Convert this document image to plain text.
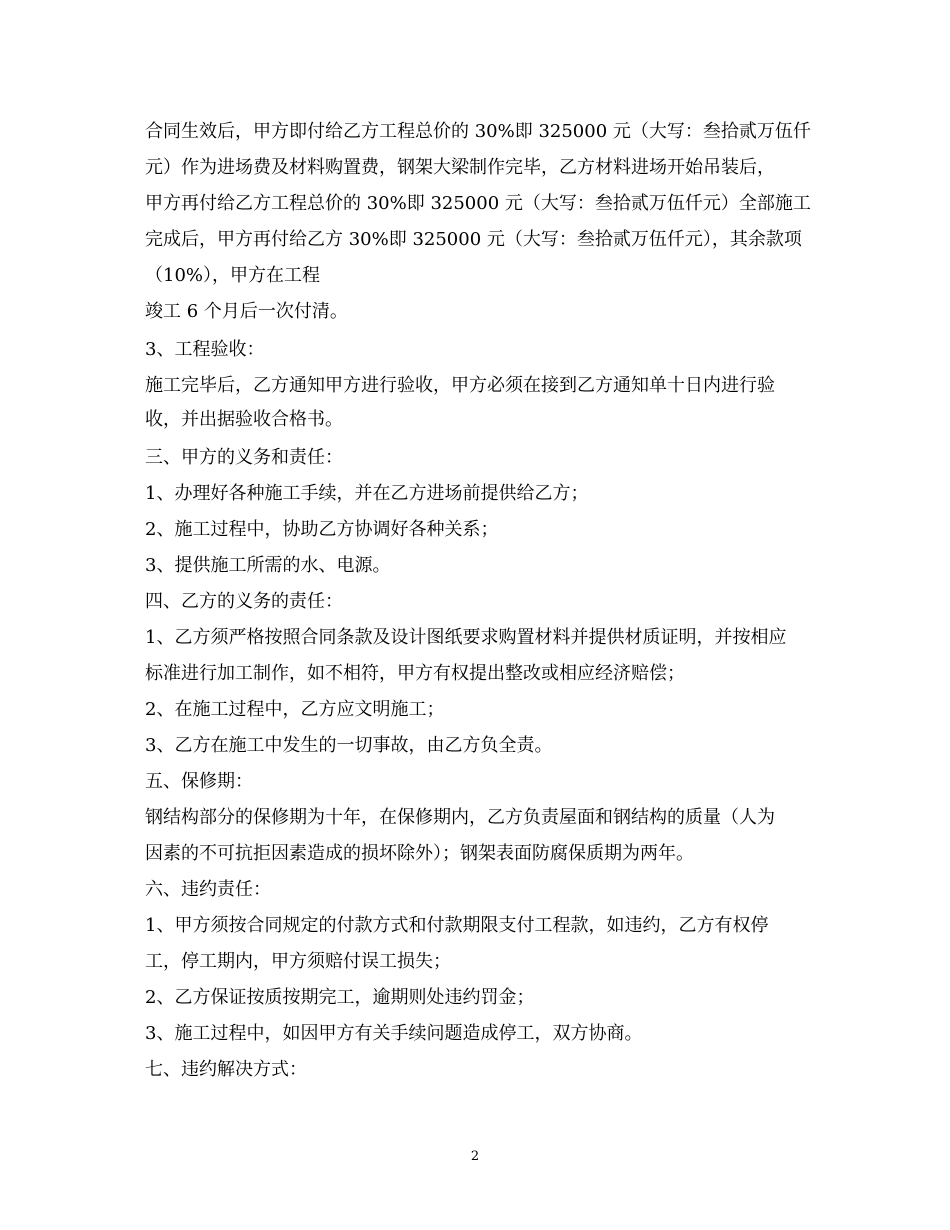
合同生效后，甲方即付给乙方工程总价的 30%即 325000 元（大写：叁拾贰万伍仟
元）作为进场费及材料购置费，钢架大梁制作完毕，乙方材料进场开始吊装后，
甲方再付给乙方工程总价的 30%即 325000 元（大写：叁拾贰万伍仟元）全部施工
完成后，甲方再付给乙方 30%即 325000 元（大写：叁拾贰万伍仟元），其余款项
（10%），甲方在工程
竣工 6 个月后一次付清。
3、工程验收：
施工完毕后，乙方通知甲方进行验收，甲方必须在接到乙方通知单十日内进行验
收，并出据验收合格书。
三、甲方的义务和责任：
1、办理好各种施工手续，并在乙方进场前提供给乙方；
2、施工过程中，协助乙方协调好各种关系；
3、提供施工所需的水、电源。
四、乙方的义务的责任：
1、乙方须严格按照合同条款及设计图纸要求购置材料并提供材质证明，并按相应
标准进行加工制作，如不相符，甲方有权提出整改或相应经济赔偿；
2、在施工过程中，乙方应文明施工；
3、乙方在施工中发生的一切事故，由乙方负全责。
五、保修期：
钢结构部分的保修期为十年，在保修期内，乙方负责屋面和钢结构的质量（人为
因素的不可抗拒因素造成的损坏除外）；钢架表面防腐保质期为两年。
六、违约责任：
1、甲方须按合同规定的付款方式和付款期限支付工程款，如违约，乙方有权停
工，停工期内，甲方须赔付误工损失；
2、乙方保证按质按期完工，逾期则处违约罚金；
3、施工过程中，如因甲方有关手续问题造成停工，双方协商。
七、违约解决方式：
2
